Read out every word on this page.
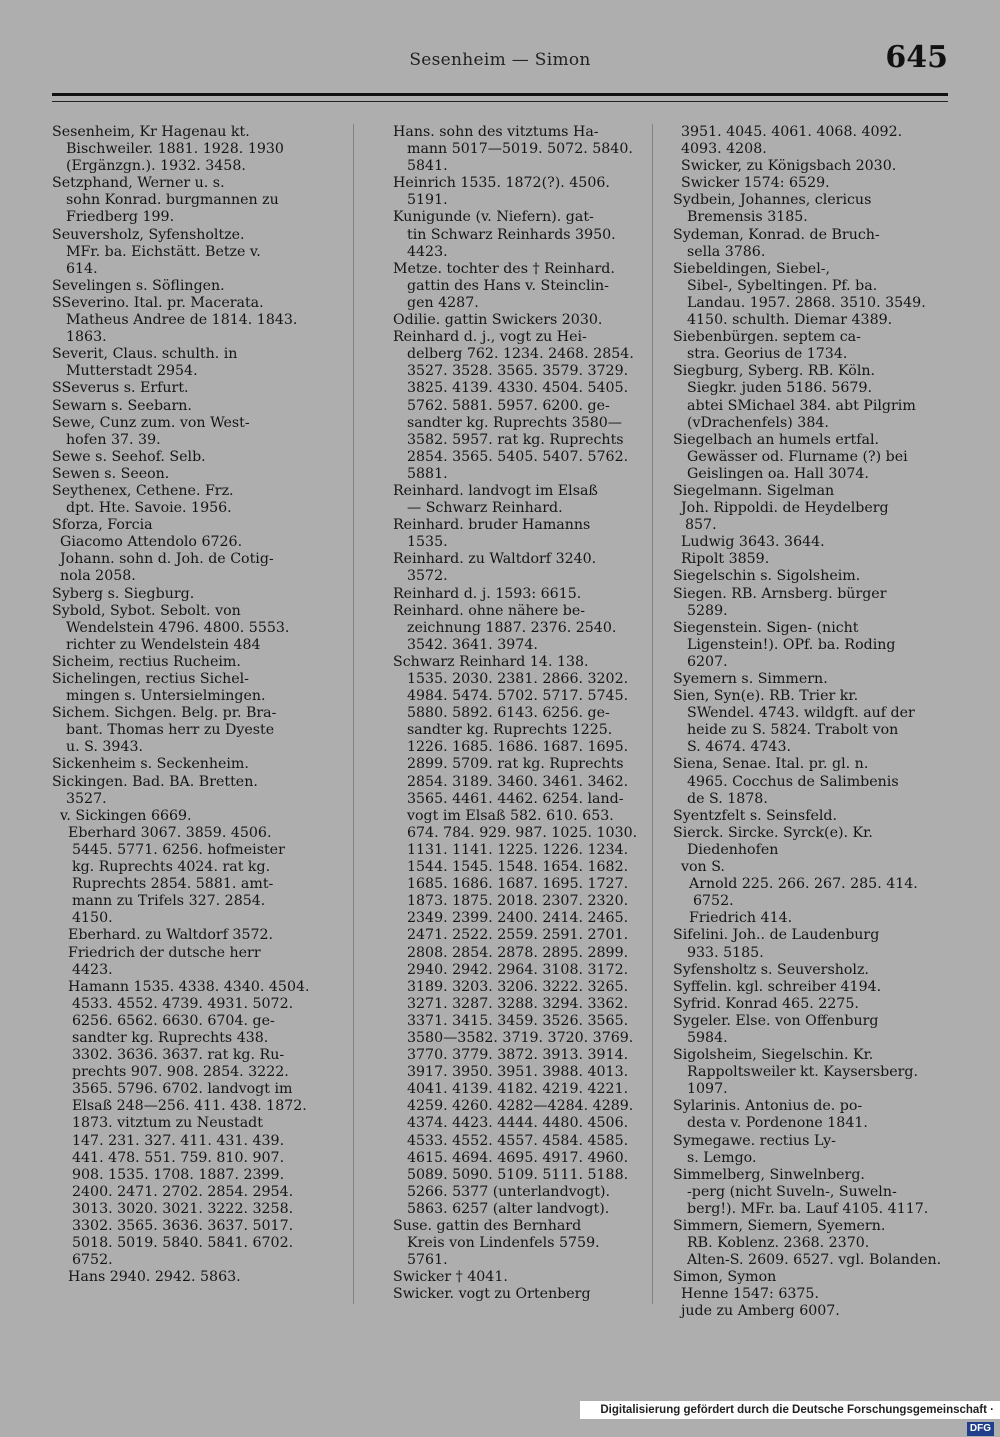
Sesenheim — Simon	645
Sesenheim, Kr Hagenau kt.
Bischweiler. 1881. 1928. 1930
(Ergänzgn.). 1932. 3458.
Setzphand, Werner u. s.
sohn Konrad. burgmannen zu
Friedberg 199.
Seuversholz, Syfensholtze.
MFr. ba. Eichstätt. Betze v.
614.
Sevelingen s. Söflingen.
SSeverino. Ital. pr. Macerata.
Matheus Andree de 1814. 1843.
1863.
Severit, Claus. schulth. in
Mutterstadt 2954.
SSeverus s. Erfurt.
Sewarn s. Seebarn.
Sewe, Cunz zum. von West-
hofen 37. 39.
Sewe s. Seehof. Selb.
Sewen s. Seeon.
Seythenex, Cethene. Frz.
dpt. Hte. Savoie. 1956.
Sforza, Forcia
Giacomo Attendolo 6726.
Johann. sohn d. Joh. de Cotig-
nola 2058.
Syberg s. Siegburg.
Sybold, Sybot. Sebolt. von
Wendelstein 4796. 4800. 5553.
richter zu Wendelstein 484
Sicheim, rectius Rucheim.
Sichelingen, rectius Sichel-
mingen s. Untersielmingen.
Sichem. Sichgen. Belg. pr. Bra-
bant. Thomas herr zu Dyeste
u. S. 3943.
Sickenheim s. Seckenheim.
Sickingen. Bad. BA. Bretten.
3527.
v. Sickingen 6669.
Eberhard 3067. 3859. 4506.
5445. 5771. 6256. hofmeister
kg. Ruprechts 4024. rat kg.
Ruprechts 2854. 5881. amt-
mann zu Trifels 327. 2854.
4150.
Eberhard. zu Waltdorf 3572.
Friedrich der dutsche herr
4423.
Hamann 1535. 4338. 4340. 4504.
4533. 4552. 4739. 4931. 5072.
6256. 6562. 6630. 6704. ge-
sandter kg. Ruprechts 438.
3302. 3636. 3637. rat kg. Ru-
prechts 907. 908. 2854. 3222.
3565. 5796. 6702. landvogt im
Elsaß 248—256. 411. 438. 1872.
1873. vitztum zu Neustadt
147. 231. 327. 411. 431. 439.
441. 478. 551. 759. 810. 907.
908. 1535. 1708. 1887. 2399.
2400. 2471. 2702. 2854. 2954.
3013. 3020. 3021. 3222. 3258.
3302. 3565. 3636. 3637. 5017.
5018. 5019. 5840. 5841. 6702.
6752.
Hans 2940. 2942. 5863.
Hans. sohn des vitztums Ha-
mann 5017—5019. 5072. 5840.
5841.
Heinrich 1535. 1872(?). 4506.
5191.
Kunigunde (v. Niefern). gat-
tin Schwarz Reinhards 3950.
4423.
Metze. tochter des † Reinhard.
gattin des Hans v. Steinclin-
gen 4287.
Odilie. gattin Swickers 2030.
Reinhard d. j., vogt zu Hei-
delberg 762. 1234. 2468. 2854.
3527. 3528. 3565. 3579. 3729.
3825. 4139. 4330. 4504. 5405.
5762. 5881. 5957. 6200. ge-
sandter kg. Ruprechts 3580—
3582. 5957. rat kg. Ruprechts
2854. 3565. 5405. 5407. 5762.
5881.
Reinhard. landvogt im Elsaß
— Schwarz Reinhard.
Reinhard. bruder Hamanns
1535.
Reinhard. zu Waltdorf 3240.
3572.
Reinhard d. j. 1593: 6615.
Reinhard. ohne nähere be-
zeichnung 1887. 2376. 2540.
3542. 3641. 3974.
Schwarz Reinhard 14. 138.
1535. 2030. 2381. 2866. 3202.
4984. 5474. 5702. 5717. 5745.
5880. 5892. 6143. 6256. ge-
sandter kg. Ruprechts 1225.
1226. 1685. 1686. 1687. 1695.
2899. 5709. rat kg. Ruprechts
2854. 3189. 3460. 3461. 3462.
3565. 4461. 4462. 6254. land-
vogt im Elsaß 582. 610. 653.
674. 784. 929. 987. 1025. 1030.
1131. 1141. 1225. 1226. 1234.
1544. 1545. 1548. 1654. 1682.
1685. 1686. 1687. 1695. 1727.
1873. 1875. 2018. 2307. 2320.
2349. 2399. 2400. 2414. 2465.
2471. 2522. 2559. 2591. 2701.
2808. 2854. 2878. 2895. 2899.
2940. 2942. 2964. 3108. 3172.
3189. 3203. 3206. 3222. 3265.
3271. 3287. 3288. 3294. 3362.
3371. 3415. 3459. 3526. 3565.
3580—3582. 3719. 3720. 3769.
3770. 3779. 3872. 3913. 3914.
3917. 3950. 3951. 3988. 4013.
4041. 4139. 4182. 4219. 4221.
4259. 4260. 4282—4284. 4289.
4374. 4423. 4444. 4480. 4506.
4533. 4552. 4557. 4584. 4585.
4615. 4694. 4695. 4917. 4960.
5089. 5090. 5109. 5111. 5188.
5266. 5377 (unterlandvogt).
5863. 6257 (alter landvogt).
Suse. gattin des Bernhard
Kreis von Lindenfels 5759.
5761.
Swicker † 4041.
Swicker. vogt zu Ortenberg
3951. 4045. 4061. 4068. 4092.
4093. 4208.
Swicker, zu Königsbach 2030.
Swicker 1574: 6529.
Sydbein, Johannes, clericus
Bremensis 3185.
Sydeman, Konrad. de Bruch-
sella 3786.
Siebeldingen, Siebel-,
Sibel-, Sybeltingen. Pf. ba.
Landau. 1957. 2868. 3510. 3549.
4150. schulth. Diemar 4389.
Siebenbürgen. septem ca-
stra. Georius de 1734.
Siegburg, Syberg. RB. Köln.
Siegkr. juden 5186. 5679.
abtei SMichael 384. abt Pilgrim
(vDrachenfels) 384.
Siegelbach an humels ertfal.
Gewässer od. Flurname (?) bei
Geislingen oa. Hall 3074.
Siegelmann. Sigelman
Joh. Rippoldi. de Heydelberg
857.
Ludwig 3643. 3644.
Ripolt 3859.
Siegelschin s. Sigolsheim.
Siegen. RB. Arnsberg. bürger
5289.
Siegenstein. Sigen- (nicht
Ligenstein!). OPf. ba. Roding
6207.
Syemern s. Simmern.
Sien, Syn(e). RB. Trier kr.
SWendel. 4743. wildgft. auf der
heide zu S. 5824. Trabolt von
S. 4674. 4743.
Siena, Senae. Ital. pr. gl. n.
4965. Cocchus de Salimbenis
de S. 1878.
Syentzfelt s. Seinsfeld.
Sierck. Sircke. Syrck(e). Kr.
Diedenhofen
von S.
Arnold 225. 266. 267. 285. 414.
6752.
Friedrich 414.
Sifelini. Joh.. de Laudenburg
933. 5185.
Syfensholtz s. Seuversholz.
Syffelin. kgl. schreiber 4194.
Syfrid. Konrad 465. 2275.
Sygeler. Else. von Offenburg
5984.
Sigolsheim, Siegelschin. Kr.
Rappoltsweiler kt. Kaysersberg.
1097.
Sylarinis. Antonius de. po-
desta v. Pordenone 1841.
Symegawe. rectius Ly-
s. Lemgo.
Simmelberg, Sinwelnberg.
-perg (nicht Suveln-, Suweln-
berg!). MFr. ba. Lauf 4105. 4117.
Simmern, Siemern, Syemern.
RB. Koblenz. 2368. 2370.
Alten-S. 2609. 6527. vgl. Bolanden.
Simon, Symon
Henne 1547: 6375.
jude zu Amberg 6007.
Digitalisierung gefördert durch die Deutsche Forschungsgemeinschaft ·DFG
